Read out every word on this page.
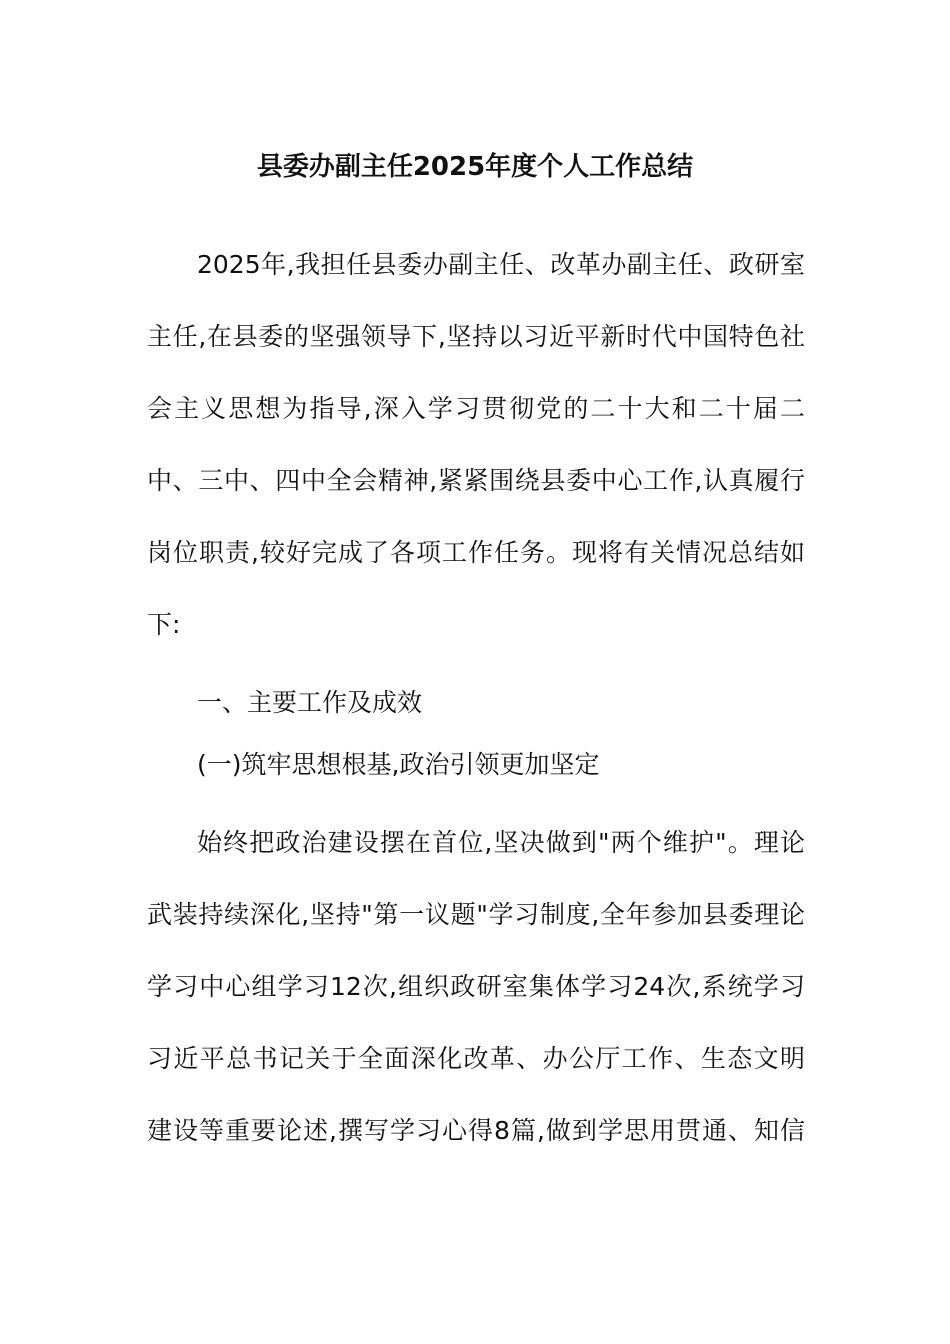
县委办副主任2025年度个人工作总结
2025年,我担任县委办副主任、改革办副主任、政研室
主任,在县委的坚强领导下,坚持以习近平新时代中国特色社
会主义思想为指导,深入学习贯彻党的二十大和二十届二
中、三中、四中全会精神,紧紧围绕县委中心工作,认真履行
岗位职责,较好完成了各项工作任务。现将有关情况总结如
下:
一、主要工作及成效
(一)筑牢思想根基,政治引领更加坚定
始终把政治建设摆在首位,坚决做到"两个维护"。理论
武装持续深化,坚持"第一议题"学习制度,全年参加县委理论
学习中心组学习12次,组织政研室集体学习24次,系统学习
习近平总书记关于全面深化改革、办公厅工作、生态文明
建设等重要论述,撰写学习心得8篇,做到学思用贯通、知信
